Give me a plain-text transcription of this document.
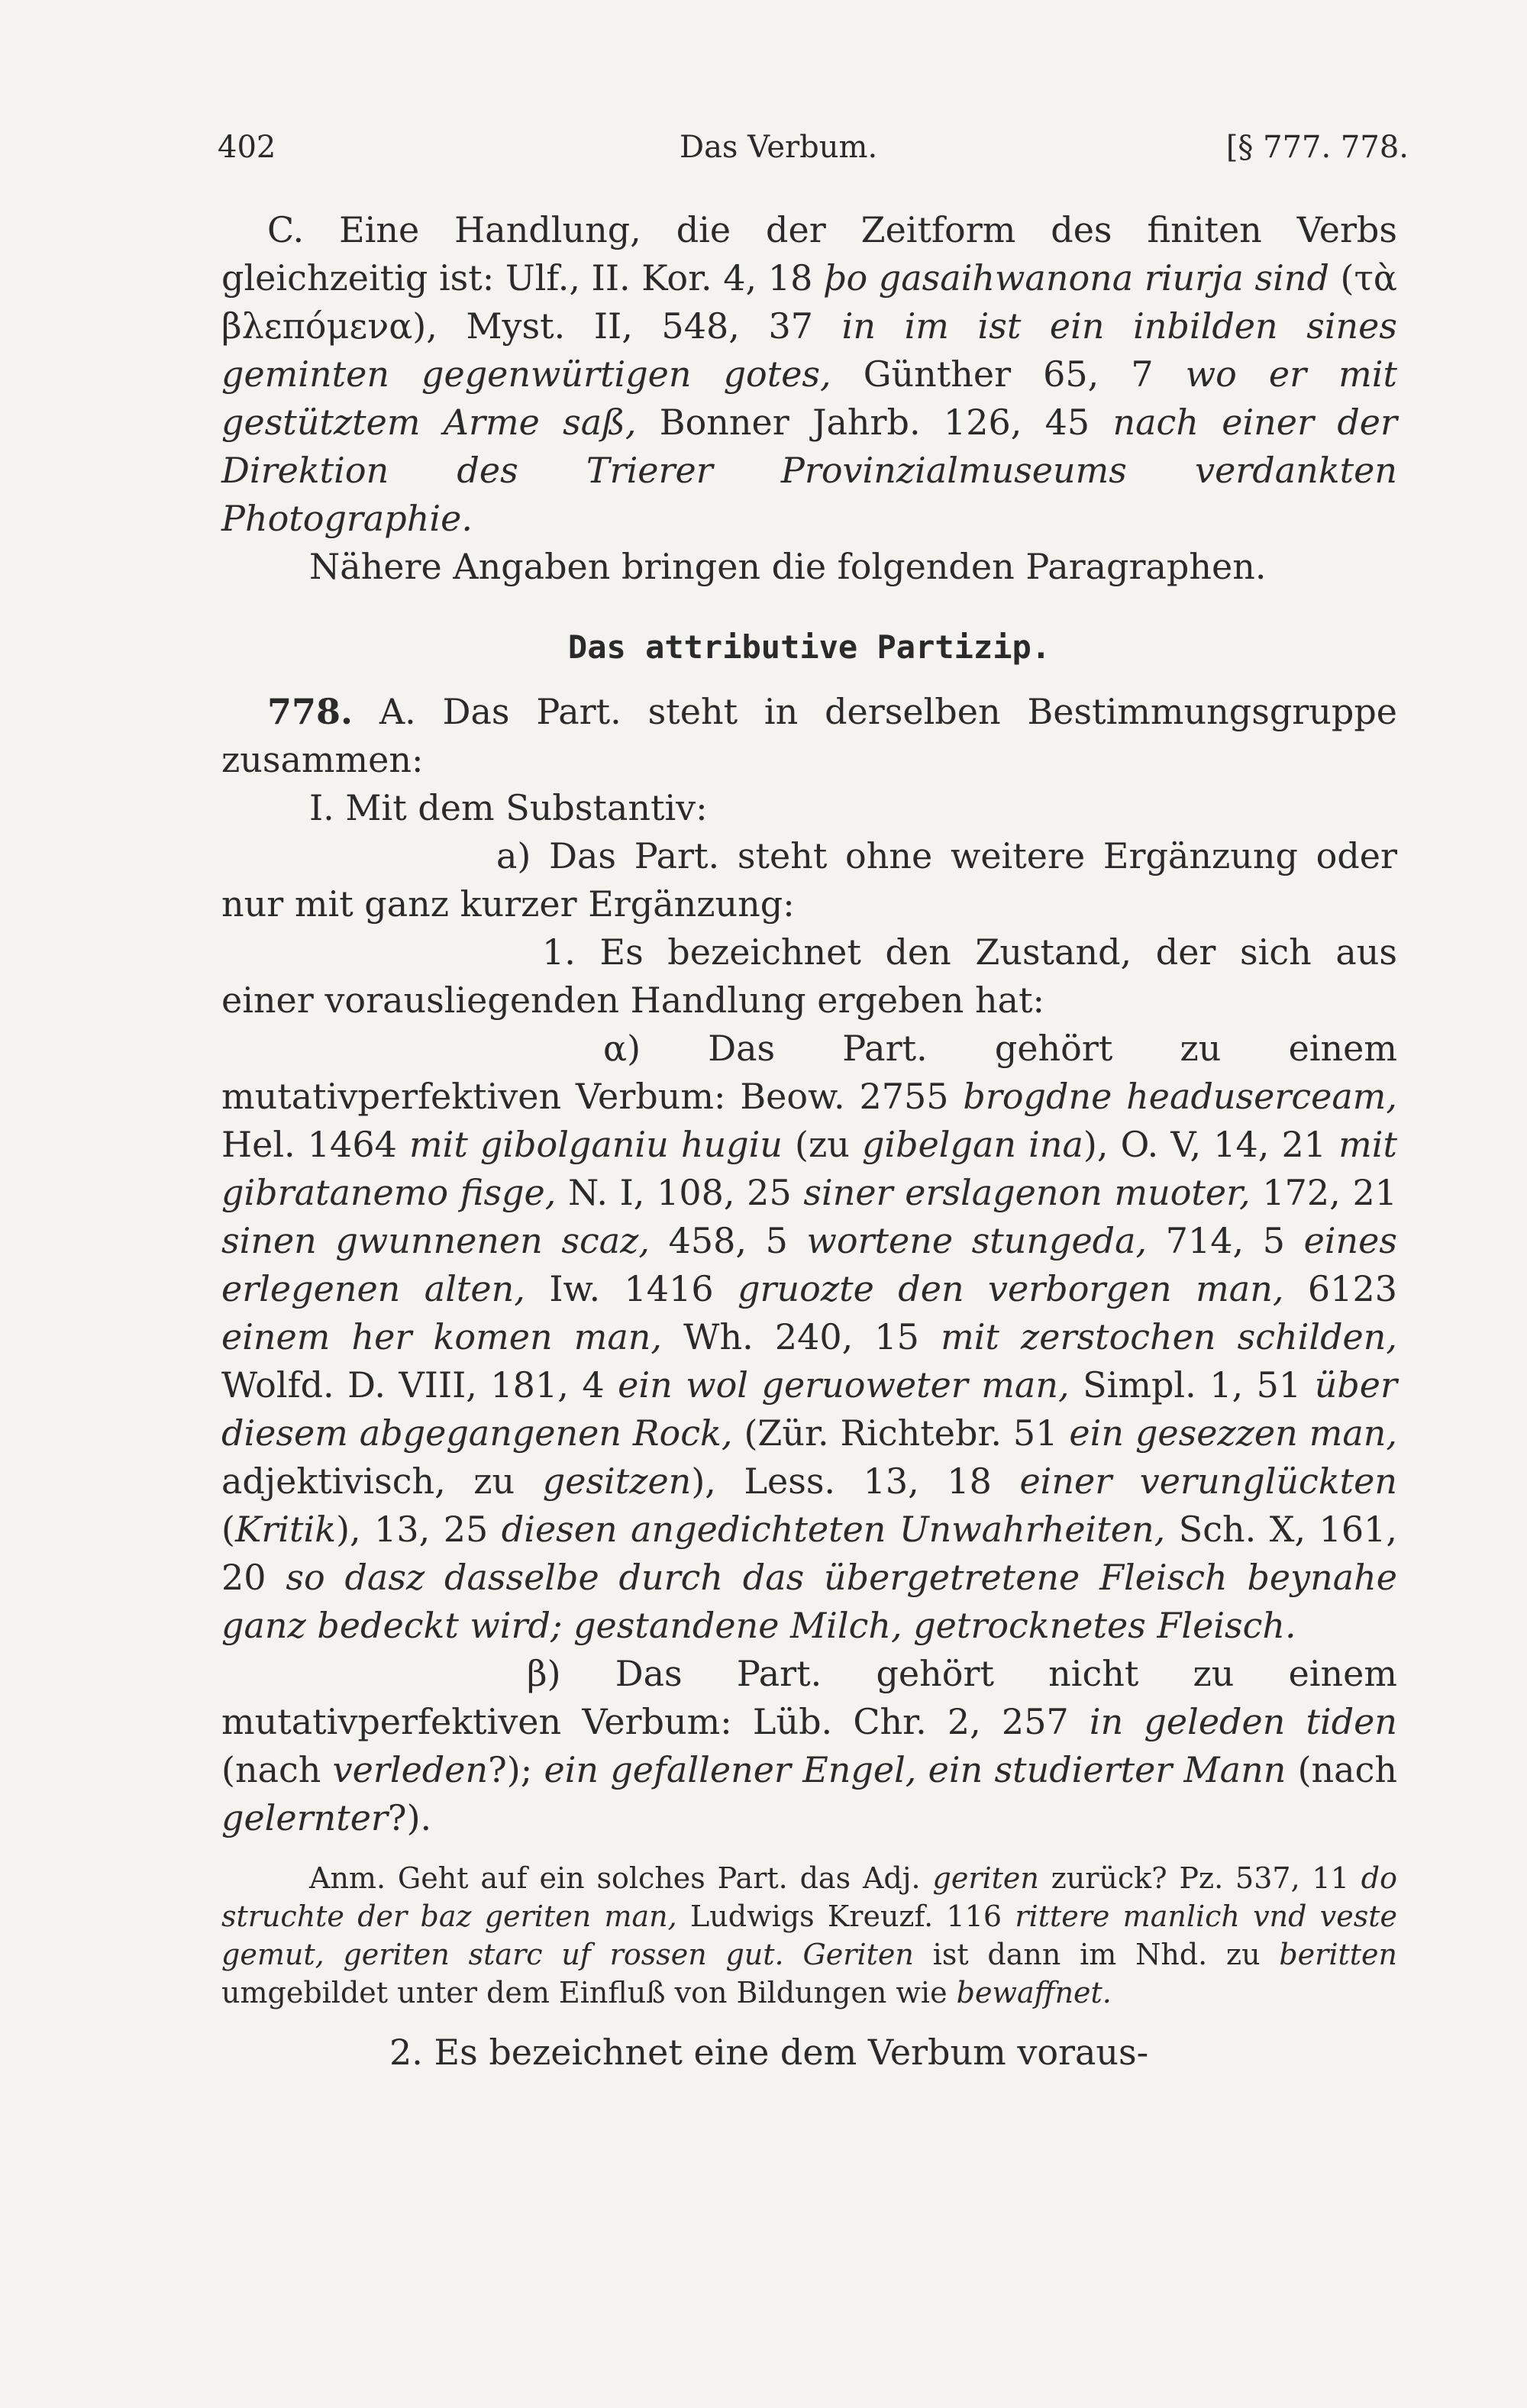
402	Das Verbum.	[§ 777. 778.

C. Eine Handlung, die der Zeitform des finiten Verbs gleichzeitig ist: Ulf., II. Kor. 4, 18 þo gasaihwanona riurja sind (τὰ βλεπόμενα), Myst. II, 548, 37 in im ist ein inbilden sines geminten gegenwürtigen gotes, Günther 65, 7 wo er mit gestütztem Arme saß, Bonner Jahrb. 126, 45 nach einer der Direktion des Trierer Provinzialmuseums verdankten Photographie.

Nähere Angaben bringen die folgenden Paragraphen.

Das attributive Partizip.

778. A. Das Part. steht in derselben Bestimmungsgruppe zusammen:

I. Mit dem Substantiv:

a) Das Part. steht ohne weitere Ergänzung oder nur mit ganz kurzer Ergänzung:

1. Es bezeichnet den Zustand, der sich aus einer vorausliegenden Handlung ergeben hat:

α) Das Part. gehört zu einem mutativperfektiven Verbum: Beow. 2755 brogdne headuserceam, Hel. 1464 mit gibolganiu hugiu (zu gibelgan ina), O. V, 14, 21 mit gibratanemo fisge, N. I, 108, 25 siner erslagenon muoter, 172, 21 sinen gwunnenen scaz, 458, 5 wortene stungeda, 714, 5 eines erlegenen alten, Iw. 1416 gruozte den verborgen man, 6123 einem her komen man, Wh. 240, 15 mit zerstochen schilden, Wolfd. D. VIII, 181, 4 ein wol geruoweter man, Simpl. 1, 51 über diesem abgegangenen Rock, (Zür. Richtebr. 51 ein gesezzen man, adjektivisch, zu gesitzen), Less. 13, 18 einer verunglückten (Kritik), 13, 25 diesen angedichteten Unwahrheiten, Sch. X, 161, 20 so dasz dasselbe durch das übergetretene Fleisch beynahe ganz bedeckt wird; gestandene Milch, getrocknetes Fleisch.

β) Das Part. gehört nicht zu einem mutativperfektiven Verbum: Lüb. Chr. 2, 257 in geleden tiden (nach verleden?); ein gefallener Engel, ein studierter Mann (nach gelernter?).

Anm. Geht auf ein solches Part. das Adj. geriten zurück? Pz. 537, 11 do struchte der baz geriten man, Ludwigs Kreuzf. 116 rittere manlich vnd veste gemut, geriten starc uf rossen gut. Geriten ist dann im Nhd. zu beritten umgebildet unter dem Einfluß von Bildungen wie bewaffnet.

2. Es bezeichnet eine dem Verbum voraus-
